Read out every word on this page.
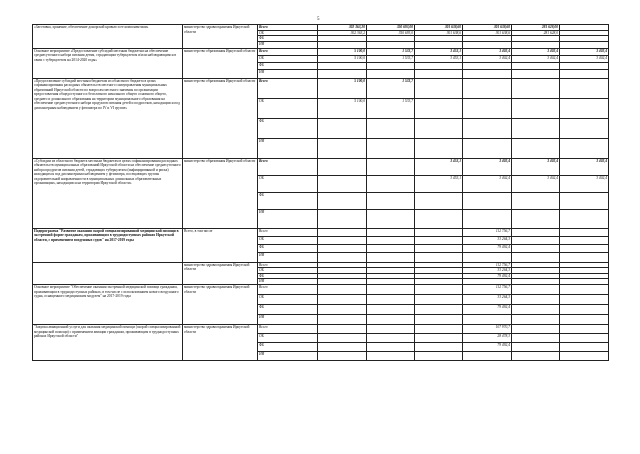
5
«Заготовка, хранение, обеспечение донорской кровью и ее компонентами»	министерство здравоохранения Иркутской области	Всего	302 363,20	350 693,00	301 638,60	301 638,60	281 628,00	
		ОБ	302 363,2	350 693,0	301 638,6	301 638,6	281 628,0	
		ФБ						
		ИИ						
Основное мероприятие «Предоставление субсидий местным бюджетам на обеспечение среднесуточного набора питания детям, страдающим туберкулезом и/или наблюдающимся в связи с туберкулезом на 2014-2020 годы»	министерство образования Иркутской области	Всего	5 100,0	1 533,7	3 453,1	3 402,4	3 402,4	3 402,4
		ОБ	5 100,0	1 533,7	3 453,1	3 402,4	3 402,4	3 402,4
		ФБ						
		ИИ						
«Предоставление субсидий местным бюджетам из областного бюджета в целях софинансирования расходных обязательств местного самоуправления муниципальных образований Иркутской области по вопросам местного значения по организации предоставления общедоступного и бесплатного начального общего основного общего, среднего и дошкольного образования на территории муниципального образования на обеспечение среднесуточного набора продуктов питания детей и подростков, находящихся под диспансерным наблюдением у фтизиатра по IV и VI группе»	министерство образования Иркутской области	Всего	5 100,0	1 533,7				
		ОБ	5 100,0	1 533,7				
		ФБ						
		ИИ						
«Субсидии из областного бюджета местным бюджетам в целях софинансирования расходных обязательств муниципальных образований Иркутской области на обеспечение среднесуточного набора продуктов питания детей, страдающих туберкулезом (инфицированной и риска) находящихся под диспансерным наблюдением у фтизиатра, посещающих группы оздоровительной направленности в муниципальных дошкольных образовательных организациях, находящихся на территории Иркутской области»	министерство образования Иркутской области	Всего			3 453,1	3 402,4	3 402,4	3 402,4
		ОБ			3 453,1	3 402,4	3 402,4	3 402,4
		ФБ						
		ИИ						
Подпрограмма "Развитие оказания скорой специализированной медицинской помощи в экстренной форме гражданам, проживающим в труднодоступных районах Иркутской области, с применением воздушных судов" на 2017-2019 годы	Всего, в том числе	Всего				112 756,7		
		ОБ				33 264,3		
		ФБ				79 492,4		
		ИИ						
	министерство здравоохранения Иркутской области	Всего				112 756,7		
		ОБ				33 264,3		
		ФБ				79 492,4		
		ИИ						
Основное мероприятие "Обеспечение оказания экстренной медицинской помощи гражданам, проживающим в труднодоступных районах, в том числе с использованием нового воздушного судна, оснащенного медицинским модулем" на 2017-2019 годы	министерство здравоохранения Иркутской области	Всего				112 756,7		
		ОБ				33 264,3		
		ФБ				79 492,4		
		ИИ						
"Закупка авиационной услуги для оказания медицинской помощи (скорой специализированной медицинской помощи) с применением авиации гражданам, проживающим в труднодоступных районах Иркутской области"	министерство здравоохранения Иркутской области	Всего				107 970,7		
		ОБ				28 478,3		
		ФБ				79 492,4		
		ИИ						
